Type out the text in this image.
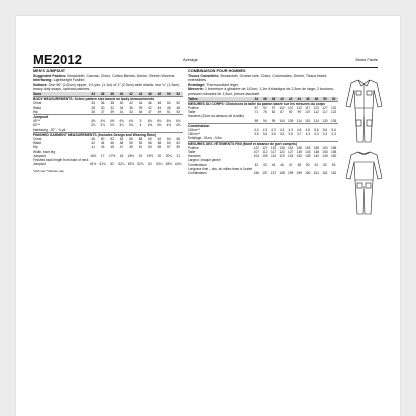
ME2012	Average	Moins Facile
MEN'S JUMPSUIT

Suggested Fabrics: Broadcloth, Canvas, Chino, Cotton Blends, Denim, Stretch Wovens.

Interfacing: Lightweight Fusible.

Notions: One 56" (142cm) zipper, 1⅛ yds. (1.1m) of 1" (2.5cm) wide elastic, two ¾" (1.5cm) heavy duty snaps, optional patches.

Sizes	34	36	38	40	42	44	46	48	50	52
BODY MEASUREMENTS: Select pattern size based on body measurements										
Chest	34	36	38	40	42	44	46	48	50	52
Waist	28	30	32	34	36	39	42	44	46	48
Hip	35	37	39	41	43	45	47	49	51	53
Jumpsuit										
45"**	4⅝	4⅝	4⅝	4⅝	4⅝	5	6⅛	6⅛	6⅛	6⅛
60"**	3⅞	3⅞	3⅞	3⅞	3⅞	4	4⅝	4⅝	4⅝	4⅝
Interfacing - 20" - ⅝ yd.										
FINISHED GARMENT MEASUREMENTS (includes Design and Wearing Ease)										
Chest	48	50	52	54	56	58	60	62	64	66
Waist	42	44	46	48	50	53	56	58	60	62
Hip	41	43	45	47	49	51	53	55	57	59
Width, each leg										
Jumpsuit	16½	17	17½	18	18½	19	19½	20	20½	21
Finished back length from base of neck										
Jumpsuit	61½	61¾	62	62¼	62½	62¾	63	63¼	63½	63¾
*with nap **without nap
COMBINAISON POUR HOMMES

Tissus Conseillés: Broadcloth, Grosse toile, Chino, Cotonnades, Denim, Tissus tissés extensibles.

Entoilage: Thermocollant léger.

Mercerie: 1 fermeture à glissière de 142cm, 1,1m d'élastique de 2,5cm de large, 2 boutons-pression robustes de 1,5cm, pièces facultatif.

Tailles	34	36	38	40	42	44	46	48	50	52
MESURES DU CORPS: Choisissez la taille du patron basée sur les mesures du corps										
Poitrine	87	92	97	102	107	112	117	122	127	132
Taille	71	76	82	87	92	99	107	112	117	122
Hanches (23cm au-dessous de la taille)										
	89	94	99	104	109	114	119	124	130	135
Combinaison										
115cm**	4,3	4,3	4,3	4,3	4,3	4,6	4,6	5,6	5,6	5,6
150cm**	3,6	3,6	3,6	3,6	3,6	3,7	4,3	4,3	4,3	4,3
Entoilage - 51cm - 0,6m										
MESURES DES VÊTEMENTS FINI (Motif et aisance de port compris)										
Poitrine	122	127	132	138	143	148	153	158	163	168
Taille	107	112	117	122	127	135	143	148	153	158
Hanches	104	109	114	119	124	130	135	140	145	150
Largeur, chaque jambe										
Combinaison	42	43	44	46	47	48	50	51	52	53
Longueur finie – dos, du milieu base à l'ourlet										
Combinaison	156	157	157	158	159	159	160	161	161	162
